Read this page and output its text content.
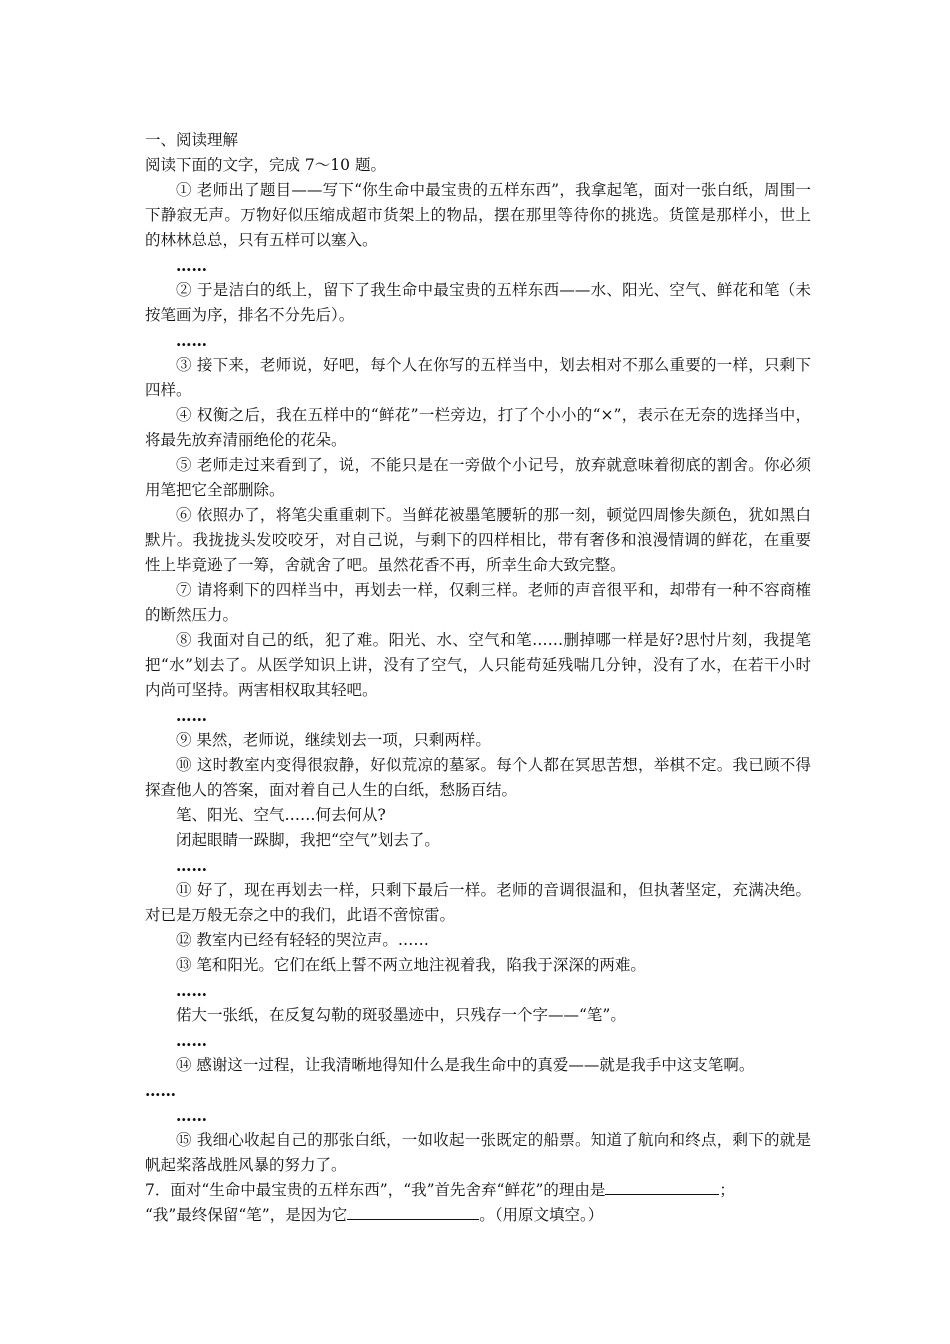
一、阅读理解
阅读下面的文字，完成 7～10 题。

① 老师出了题目——写下“你生命中最宝贵的五样东西”，我拿起笔，面对一张白纸，周围一下静寂无声。万物好似压缩成超市货架上的物品，摆在那里等待你的挑选。货筐是那样小，世上的林林总总，只有五样可以塞入。

……

② 于是洁白的纸上，留下了我生命中最宝贵的五样东西——水、阳光、空气、鲜花和笔（未按笔画为序，排名不分先后）。

……

③ 接下来，老师说，好吧，每个人在你写的五样当中，划去相对不那么重要的一样，只剩下四样。

④ 权衡之后，我在五样中的“鲜花”一栏旁边，打了个小小的“×”，表示在无奈的选择当中，将最先放弃清丽绝伦的花朵。

⑤ 老师走过来看到了，说，不能只是在一旁做个小记号，放弃就意味着彻底的割舍。你必须用笔把它全部删除。

⑥ 依照办了，将笔尖重重刺下。当鲜花被墨笔腰斩的那一刻，顿觉四周惨失颜色，犹如黑白默片。我拢拢头发咬咬牙，对自己说，与剩下的四样相比，带有奢侈和浪漫情调的鲜花，在重要性上毕竟逊了一筹，舍就舍了吧。虽然花香不再，所幸生命大致完整。

⑦ 请将剩下的四样当中，再划去一样，仅剩三样。老师的声音很平和，却带有一种不容商榷的断然压力。

⑧ 我面对自己的纸，犯了难。阳光、水、空气和笔……删掉哪一样是好?思忖片刻，我提笔把“水”划去了。从医学知识上讲，没有了空气，人只能苟延残喘几分钟，没有了水，在若干小时内尚可坚持。两害相权取其轻吧。

……

⑨ 果然，老师说，继续划去一项，只剩两样。

⑩ 这时教室内变得很寂静，好似荒凉的墓冢。每个人都在冥思苦想，举棋不定。我已顾不得探查他人的答案，面对着自己人生的白纸，愁肠百结。

笔、阳光、空气……何去何从?
闭起眼睛一跺脚，我把“空气”划去了。
……

⑪ 好了，现在再划去一样，只剩下最后一样。老师的音调很温和，但执著坚定，充满决绝。对已是万般无奈之中的我们，此语不啻惊雷。

⑫ 教室内已经有轻轻的哭泣声。……
⑬ 笔和阳光。它们在纸上誓不两立地注视着我，陷我于深深的两难。
……
偌大一张纸，在反复勾勒的斑驳墨迹中，只残存一个字——“笔”。
……

⑭ 感谢这一过程，让我清晰地得知什么是我生命中的真爱——就是我手中这支笔啊。

……
……

⑮ 我细心收起自己的那张白纸，一如收起一张既定的船票。知道了航向和终点，剩下的就是帆起桨落战胜风暴的努力了。

7．面对“生命中最宝贵的五样东西”，“我”首先舍弃“鲜花”的理由是	；
“我”最终保留“笔”，是因为它	。（用原文填空。）
